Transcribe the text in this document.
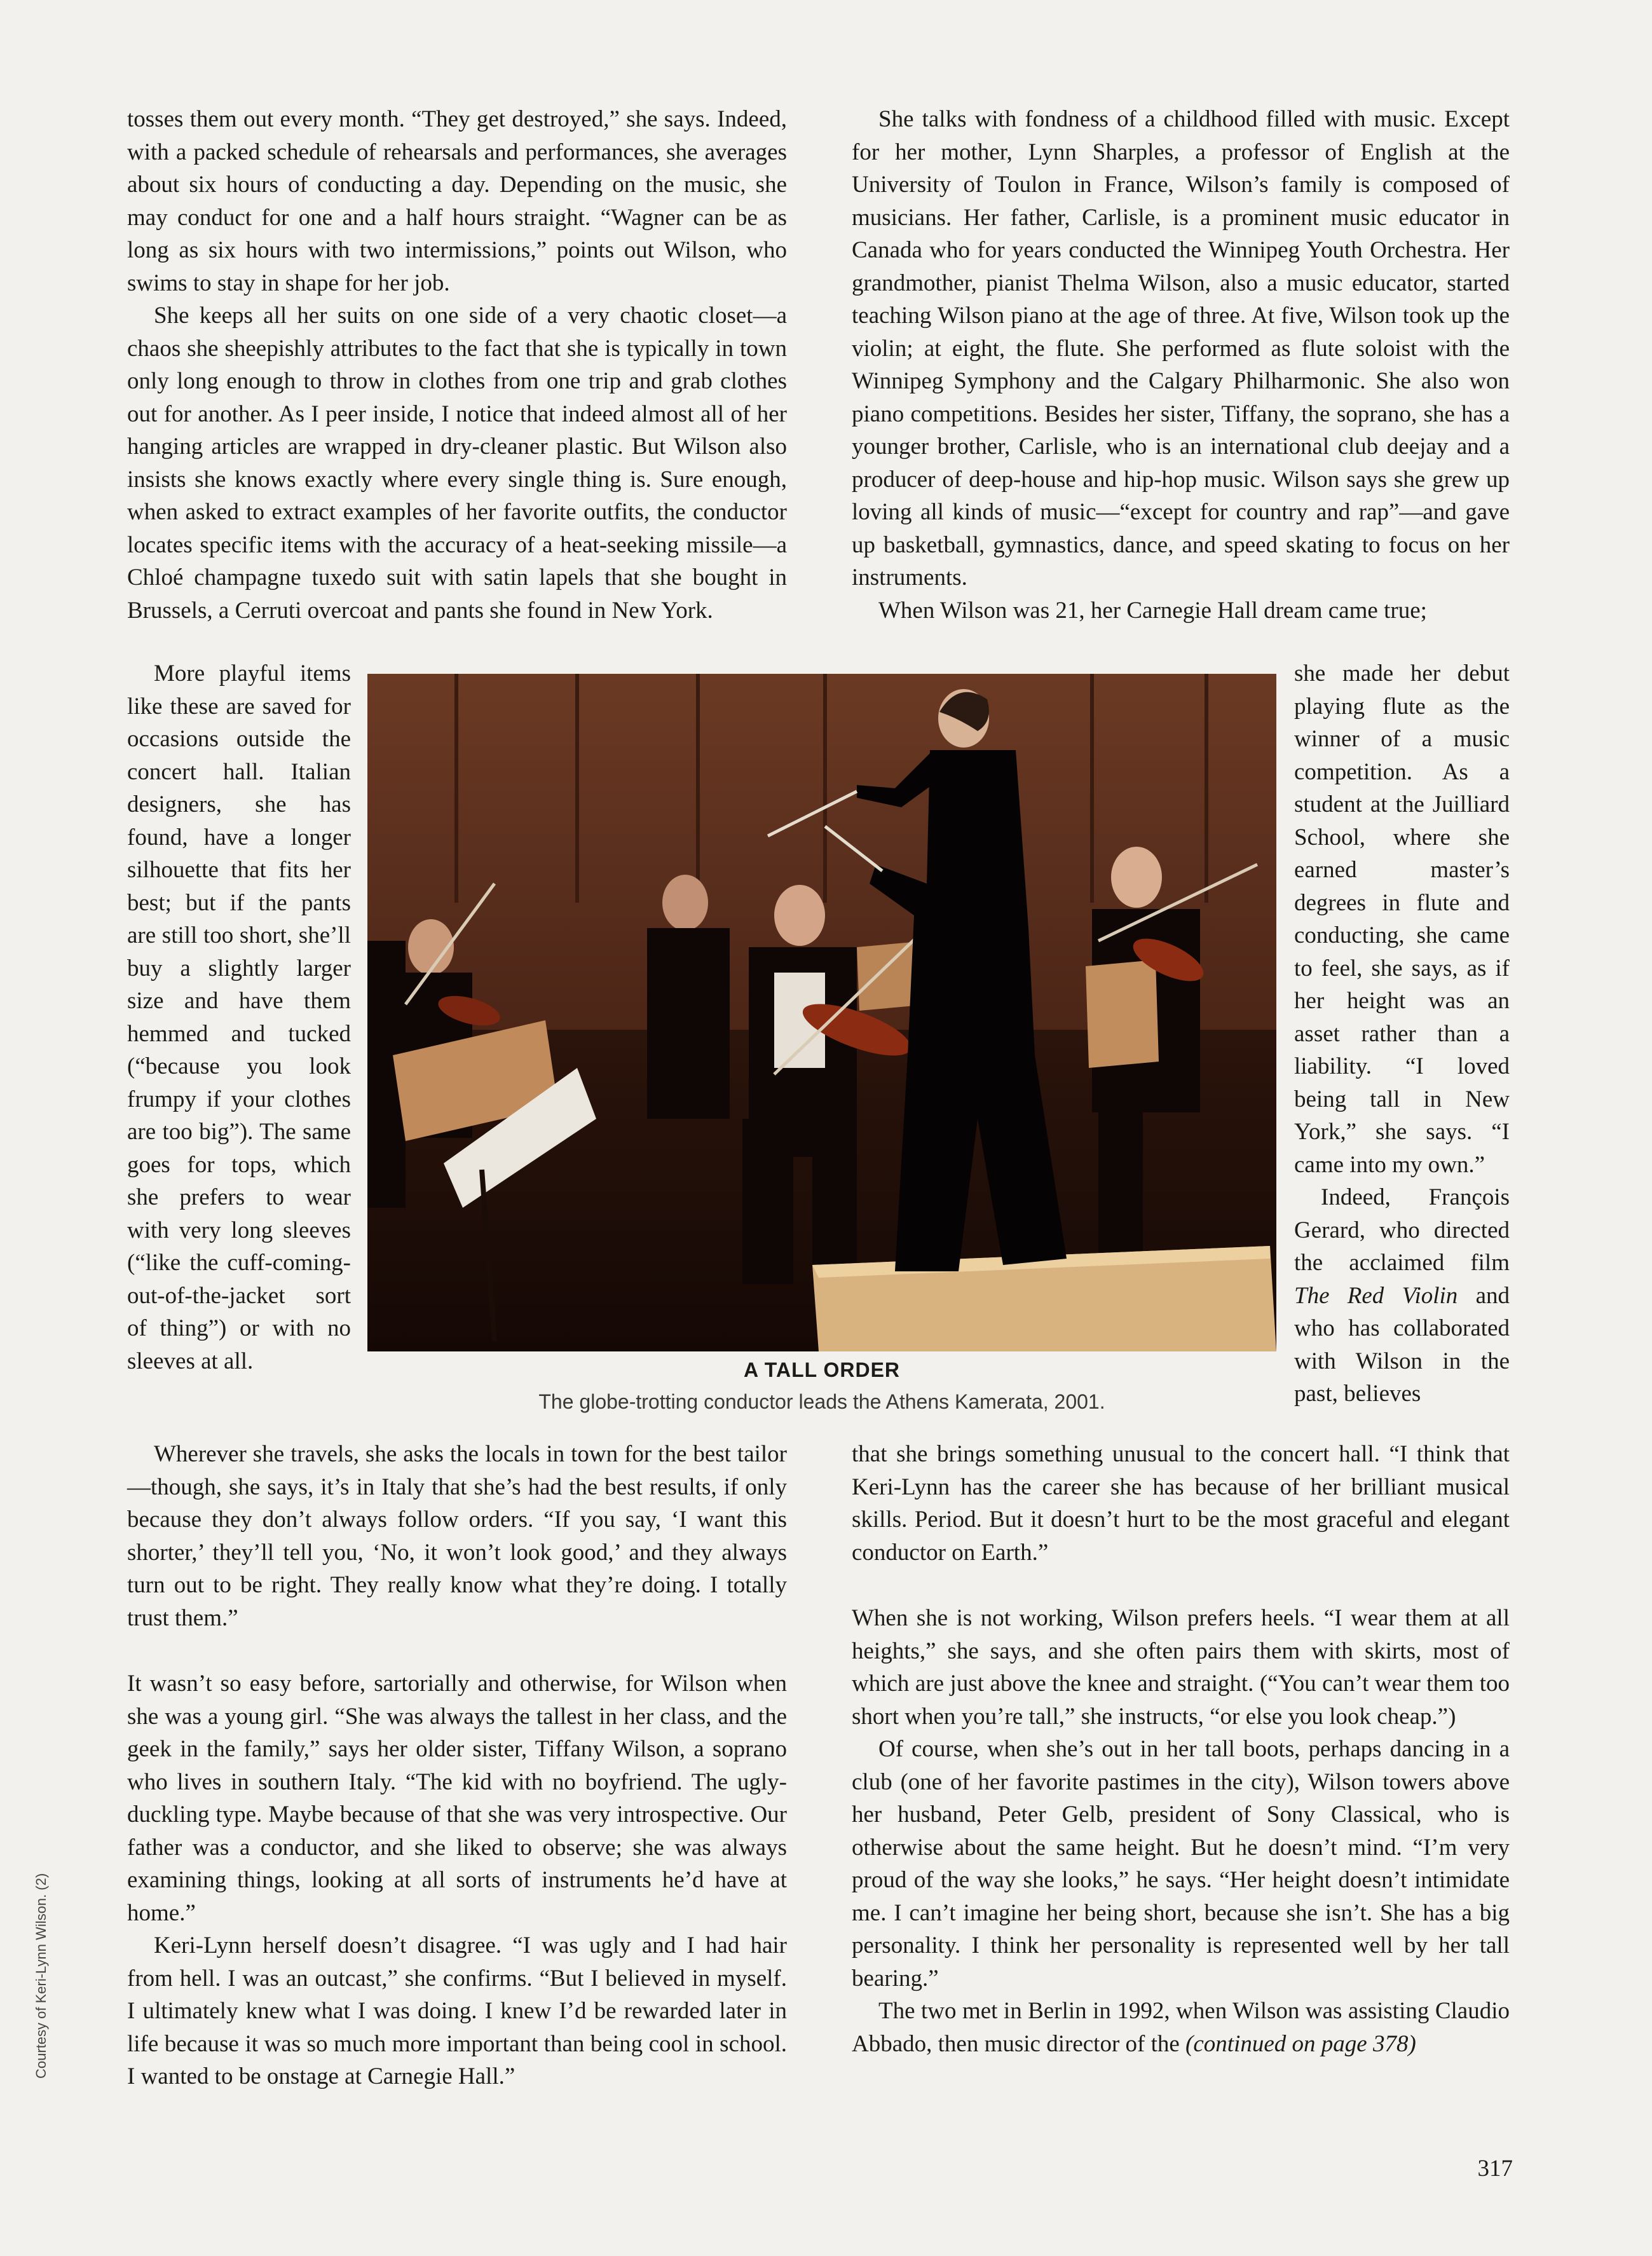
tosses them out every month. “They get destroyed,” she says. Indeed, with a packed schedule of rehearsals and performances, she averages about six hours of conducting a day. Depending on the music, she may conduct for one and a half hours straight. “Wagner can be as long as six hours with two intermissions,” points out Wilson, who swims to stay in shape for her job.

She keeps all her suits on one side of a very chaotic closet—a chaos she sheepishly attributes to the fact that she is typically in town only long enough to throw in clothes from one trip and grab clothes out for another. As I peer inside, I notice that indeed almost all of her hanging articles are wrapped in dry-cleaner plastic. But Wilson also insists she knows exactly where every single thing is. Sure enough, when asked to extract examples of her favorite outfits, the conductor locates specific items with the accuracy of a heat-seeking missile—a Chloé champagne tuxedo suit with satin lapels that she bought in Brussels, a Cerruti overcoat and pants she found in New York.

More playful items like these are saved for occasions outside the concert hall. Italian designers, she has found, have a longer silhouette that fits her best; but if the pants are still too short, she’ll buy a slightly larger size and have them hemmed and tucked (“because you look frumpy if your clothes are too big”). The same goes for tops, which she prefers to wear with very long sleeves (“like the cuff-coming-out-of-the-jacket sort of thing”) or with no sleeves at all.

She talks with fondness of a childhood filled with music. Except for her mother, Lynn Sharples, a professor of English at the University of Toulon in France, Wilson’s family is composed of musicians. Her father, Carlisle, is a prominent music educator in Canada who for years conducted the Winnipeg Youth Orchestra. Her grandmother, pianist Thelma Wilson, also a music educator, started teaching Wilson piano at the age of three. At five, Wilson took up the violin; at eight, the flute. She performed as flute soloist with the Winnipeg Symphony and the Calgary Philharmonic. She also won piano competitions. Besides her sister, Tiffany, the soprano, she has a younger brother, Carlisle, who is an international club deejay and a producer of deep-house and hip-hop music. Wilson says she grew up loving all kinds of music—“except for country and rap”—and gave up basketball, gymnastics, dance, and speed skating to focus on her instruments.

When Wilson was 21, her Carnegie Hall dream came true;

she made her debut playing flute as the winner of a music competition. As a student at the Juilliard School, where she earned master’s degrees in flute and conducting, she came to feel, she says, as if her height was an asset rather than a liability. “I loved being tall in New York,” she says. “I came into my own.”

Indeed, François Gerard, who directed the acclaimed film The Red Violin and who has collaborated with Wilson in the past, believes

A TALL ORDER
The globe-trotting conductor leads the Athens Kamerata, 2001.

Wherever she travels, she asks the locals in town for the best tailor—though, she says, it’s in Italy that she’s had the best results, if only because they don’t always follow orders. “If you say, ‘I want this shorter,’ they’ll tell you, ‘No, it won’t look good,’ and they always turn out to be right. They really know what they’re doing. I totally trust them.”

It wasn’t so easy before, sartorially and otherwise, for Wilson when she was a young girl. “She was always the tallest in her class, and the geek in the family,” says her older sister, Tiffany Wilson, a soprano who lives in southern Italy. “The kid with no boyfriend. The ugly-duckling type. Maybe because of that she was very introspective. Our father was a conductor, and she liked to observe; she was always examining things, looking at all sorts of instruments he’d have at home.”

Keri-Lynn herself doesn’t disagree. “I was ugly and I had hair from hell. I was an outcast,” she confirms. “But I believed in myself. I ultimately knew what I was doing. I knew I’d be rewarded later in life because it was so much more important than being cool in school. I wanted to be onstage at Carnegie Hall.”

that she brings something unusual to the concert hall. “I think that Keri-Lynn has the career she has because of her brilliant musical skills. Period. But it doesn’t hurt to be the most graceful and elegant conductor on Earth.”

When she is not working, Wilson prefers heels. “I wear them at all heights,” she says, and she often pairs them with skirts, most of which are just above the knee and straight. (“You can’t wear them too short when you’re tall,” she instructs, “or else you look cheap.”)

Of course, when she’s out in her tall boots, perhaps dancing in a club (one of her favorite pastimes in the city), Wilson towers above her husband, Peter Gelb, president of Sony Classical, who is otherwise about the same height. But he doesn’t mind. “I’m very proud of the way she looks,” he says. “Her height doesn’t intimidate me. I can’t imagine her being short, because she isn’t. She has a big personality. I think her personality is represented well by her tall bearing.”

The two met in Berlin in 1992, when Wilson was assisting Claudio Abbado, then music director of the (continued on page 378)

Courtesy of Keri-Lynn Wilson. (2)
317
